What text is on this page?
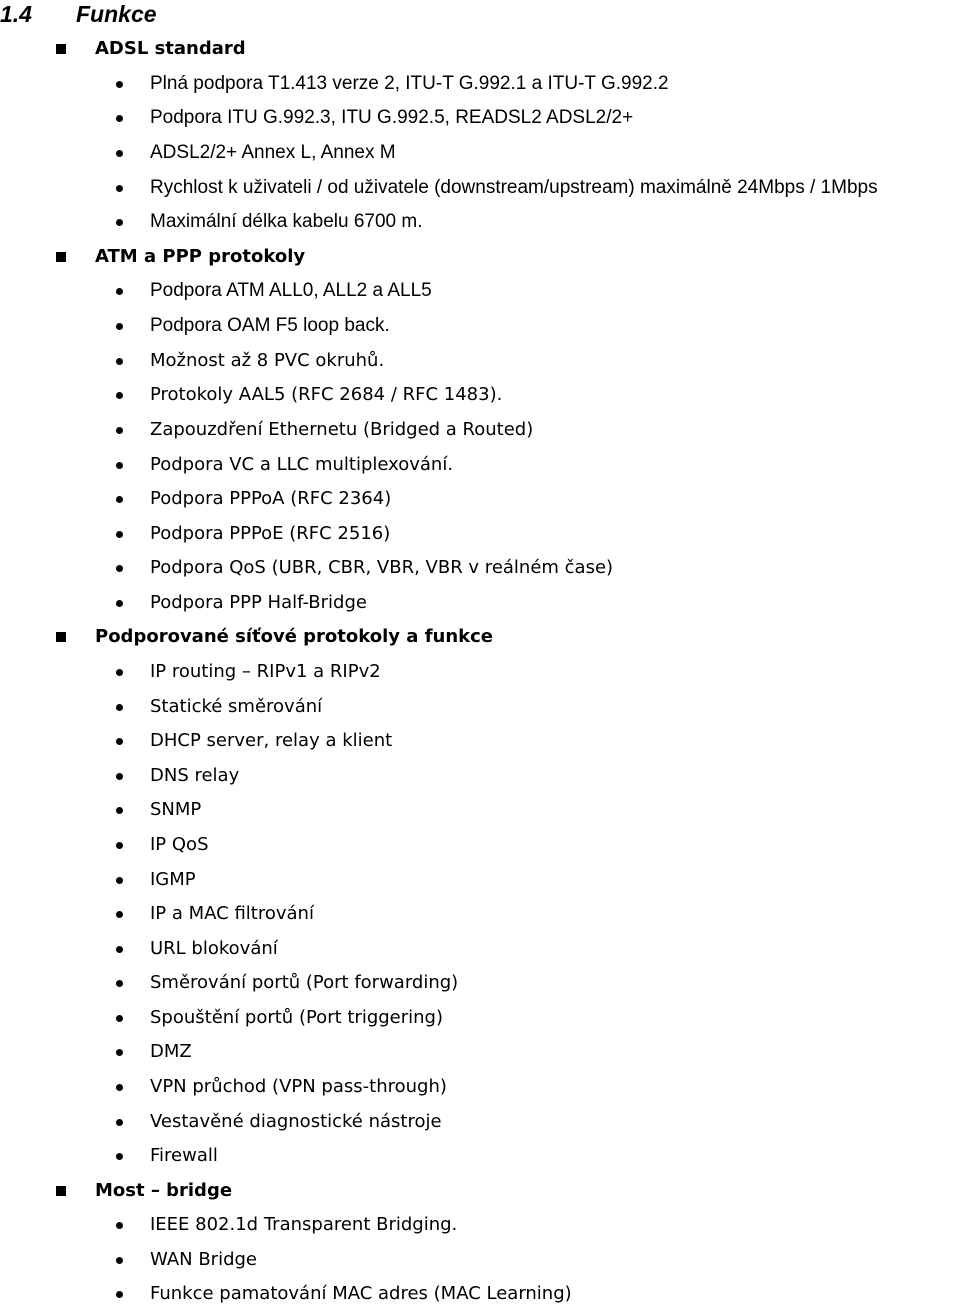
1.4 Funkce
ADSL standard
Plná podpora T1.413 verze 2, ITU-T G.992.1 a ITU-T G.992.2
Podpora ITU G.992.3, ITU G.992.5, READSL2 ADSL2/2+
ADSL2/2+ Annex L, Annex M
Rychlost k uživateli / od uživatele (downstream/upstream) maximálně 24Mbps / 1Mbps
Maximální délka kabelu 6700 m.
ATM a PPP protokoly
Podpora ATM ALL0, ALL2 a ALL5
Podpora OAM F5 loop back.
Možnost až 8 PVC okruhů.
Protokoly AAL5 (RFC 2684 / RFC 1483).
Zapouzdření Ethernetu (Bridged a Routed)
Podpora VC a LLC multiplexování.
Podpora PPPoA (RFC 2364)
Podpora PPPoE (RFC 2516)
Podpora QoS (UBR, CBR, VBR, VBR v reálném čase)
Podpora PPP Half-Bridge
Podporované síťové protokoly a funkce
IP routing – RIPv1 a RIPv2
Statické směrování
DHCP server, relay a klient
DNS relay
SNMP
IP QoS
IGMP
IP a MAC filtrování
URL blokování
Směrování portů (Port forwarding)
Spouštění portů (Port triggering)
DMZ
VPN průchod (VPN pass-through)
Vestavěné diagnostické nástroje
Firewall
Most – bridge
IEEE 802.1d Transparent Bridging.
WAN Bridge
Funkce pamatování MAC adres (MAC Learning)
